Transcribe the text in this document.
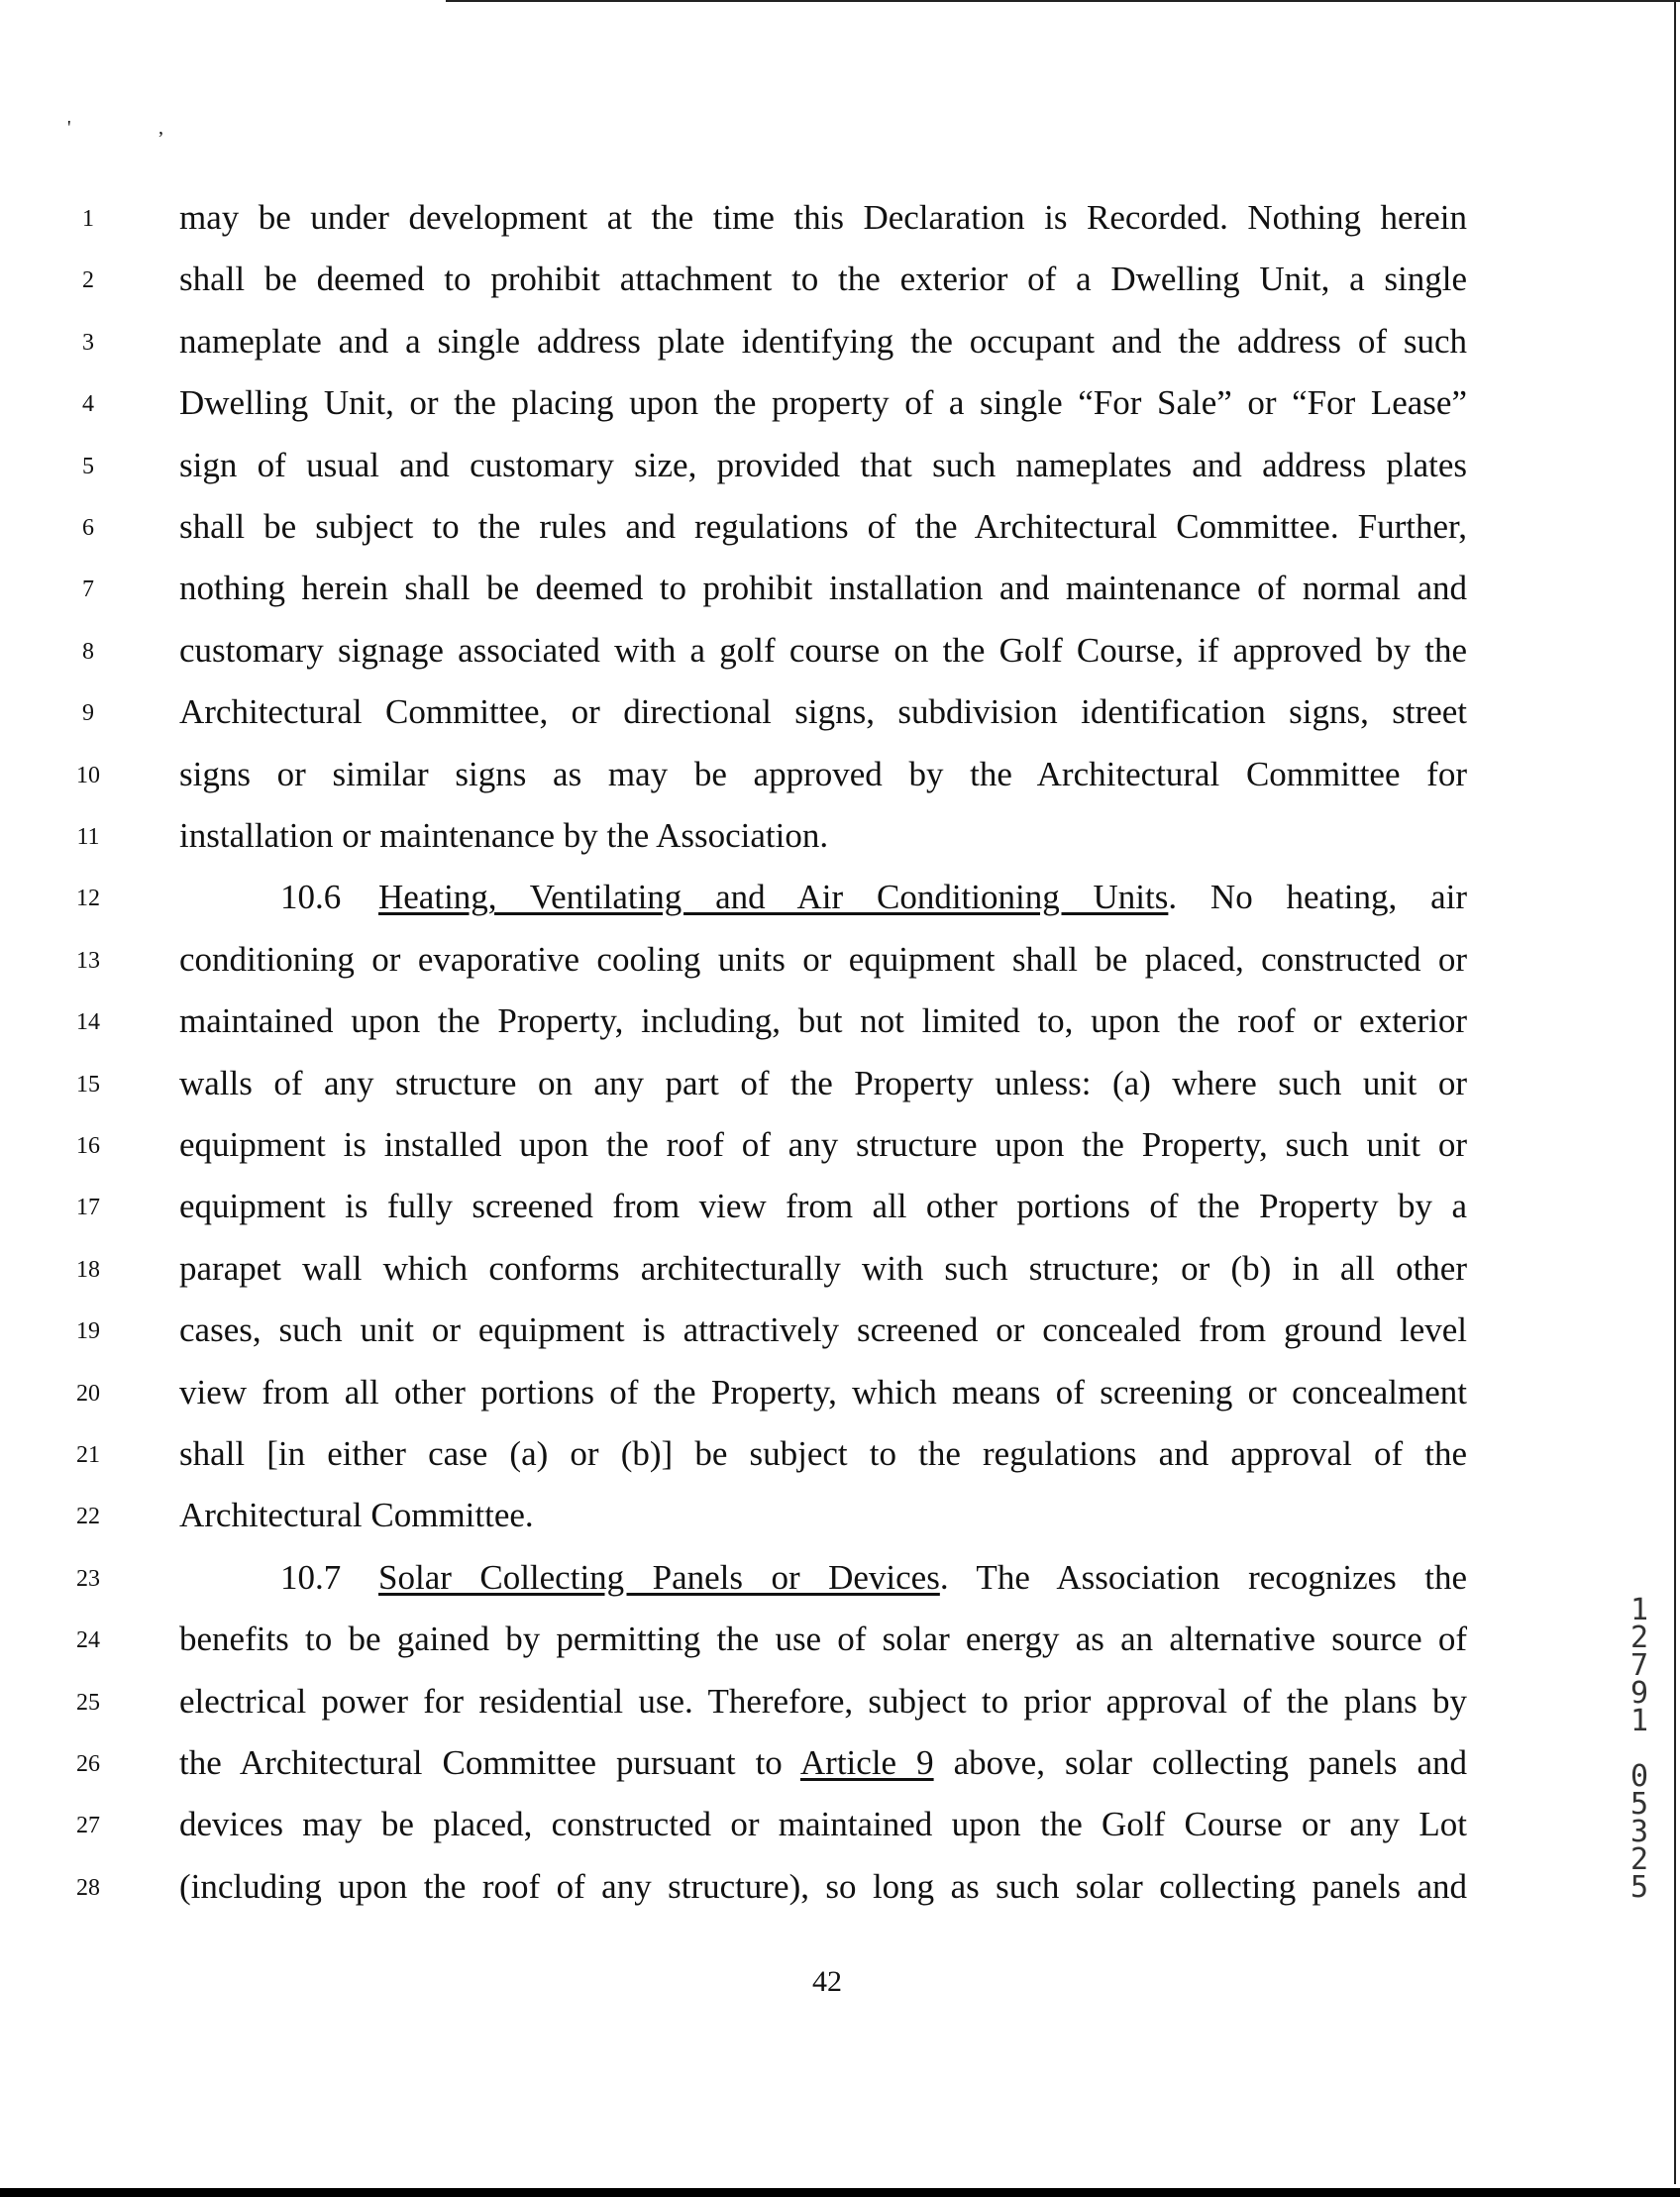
'	,
1	may be under development at the time this Declaration is Recorded. Nothing herein
2	shall be deemed to prohibit attachment to the exterior of a Dwelling Unit, a single
3	nameplate and a single address plate identifying the occupant and the address of such
4	Dwelling Unit, or the placing upon the property of a single “For Sale” or “For Lease”
5	sign of usual and customary size, provided that such nameplates and address plates
6	shall be subject to the rules and regulations of the Architectural Committee. Further,
7	nothing herein shall be deemed to prohibit installation and maintenance of normal and
8	customary signage associated with a golf course on the Golf Course, if approved by the
9	Architectural Committee, or directional signs, subdivision identification signs, street
10	signs or similar signs as may be approved by the Architectural Committee for
11	installation or maintenance by the Association.
12	10.6 Heating, Ventilating and Air Conditioning Units. No heating, air
13	conditioning or evaporative cooling units or equipment shall be placed, constructed or
14	maintained upon the Property, including, but not limited to, upon the roof or exterior
15	walls of any structure on any part of the Property unless: (a) where such unit or
16	equipment is installed upon the roof of any structure upon the Property, such unit or
17	equipment is fully screened from view from all other portions of the Property by a
18	parapet wall which conforms architecturally with such structure; or (b) in all other
19	cases, such unit or equipment is attractively screened or concealed from ground level
20	view from all other portions of the Property, which means of screening or concealment
21	shall [in either case (a) or (b)] be subject to the regulations and approval of the
22	Architectural Committee.
23	10.7 Solar Collecting Panels or Devices. The Association recognizes the
24	benefits to be gained by permitting the use of solar energy as an alternative source of
25	electrical power for residential use. Therefore, subject to prior approval of the plans by
26	the Architectural Committee pursuant to Article 9 above, solar collecting panels and
27	devices may be placed, constructed or maintained upon the Golf Course or any Lot
28	(including upon the roof of any structure), so long as such solar collecting panels and
42
1
2
7
9
1

0
5
3
2
5
